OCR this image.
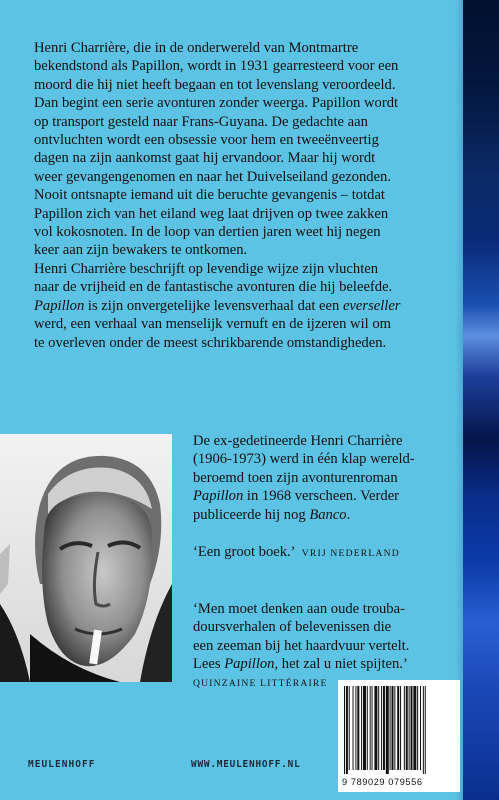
Henri Charrière, die in de onderwereld van Montmartre
bekendstond als Papillon, wordt in 1931 gearresteerd voor een
moord die hij niet heeft begaan en tot levenslang veroordeeld.
Dan begint een serie avonturen zonder weerga. Papillon wordt
op transport gesteld naar Frans-Guyana. De gedachte aan
ontvluchten wordt een obsessie voor hem en tweeënveertig
dagen na zijn aankomst gaat hij ervandoor. Maar hij wordt
weer gevangengenomen en naar het Duivelseiland gezonden.
Nooit ontsnapte iemand uit die beruchte gevangenis – totdat
Papillon zich van het eiland weg laat drijven op twee zakken
vol kokosnoten. In de loop van dertien jaren weet hij negen
keer aan zijn bewakers te ontkomen.
Henri Charrière beschrijft op levendige wijze zijn vluchten
naar de vrijheid en de fantastische avonturen die hij beleefde.
Papillon is zijn onvergetelijke levensverhaal dat een everseller
werd, een verhaal van menselijk vernuft en de ijzeren wil om
te overleven onder de meest schrikbarende omstandigheden.
De ex-gedetineerde Henri Charrière
(1906-1973) werd in één klap wereld-
beroemd toen zijn avonturenroman
Papillon in 1968 verscheen. Verder
publiceerde hij nog Banco.
‘Een groot boek.’ VRIJ NEDERLAND
‘Men moet denken aan oude trouba-
doursverhalen of belevenissen die
een zeeman bij het haardvuur vertelt.
Lees Papillon, het zal u niet spijten.’
QUINZAINE LITTÉRAIRE
MEULENHOFF	WWW.MEULENHOFF.NL
9 789029 079556
